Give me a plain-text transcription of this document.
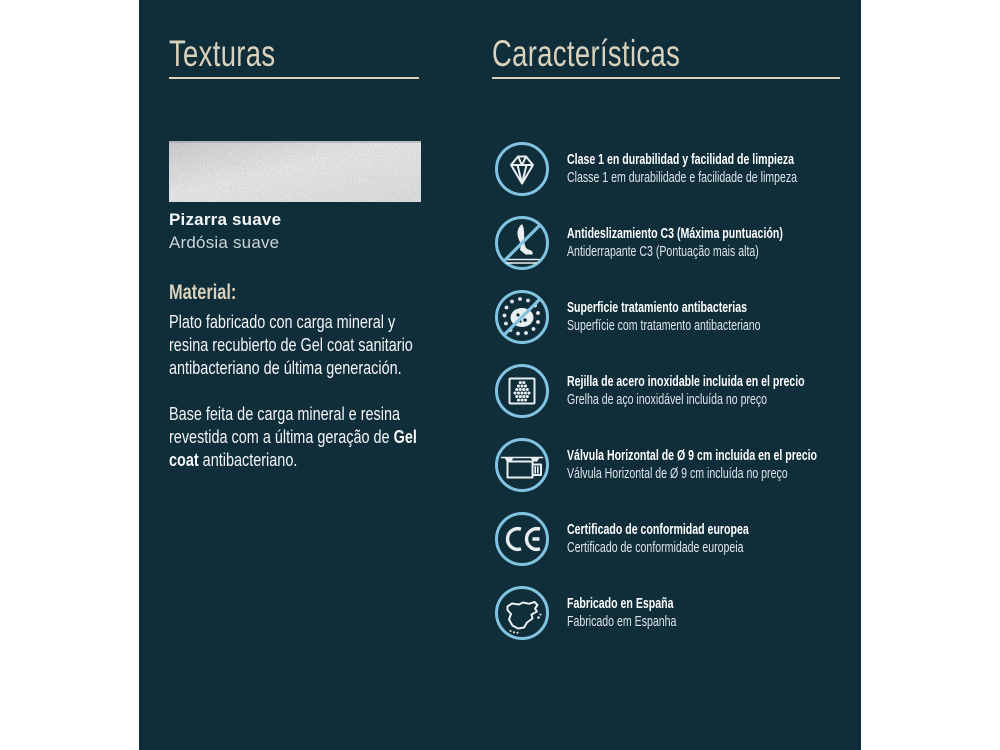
Texturas
Pizarra suave
Ardósia suave
Material:

Plato fabricado con carga mineral y resina recubierto de Gel coat sanitario antibacteriano de última generación.

Base feita de carga mineral e resina revestida com a última geração de Gel coat antibacteriano.

Características
Clase 1 en durabilidad y facilidad de limpieza
Classe 1 em durabilidade e facilidade de limpeza
Antideslizamiento C3 (Máxima puntuación)
Antiderrapante C3 (Pontuação mais alta)
Superficie tratamiento antibacterias
Superfície com tratamento antibacteriano
Rejilla de acero inoxidable incluida en el precio
Grelha de aço inoxidável incluída no preço
Válvula Horizontal de Ø 9 cm incluida en el precio
Válvula Horizontal de Ø 9 cm incluída no preço
Certificado de conformidad europea
Certificado de conformidade europeia
Fabricado en España
Fabricado em Espanha
